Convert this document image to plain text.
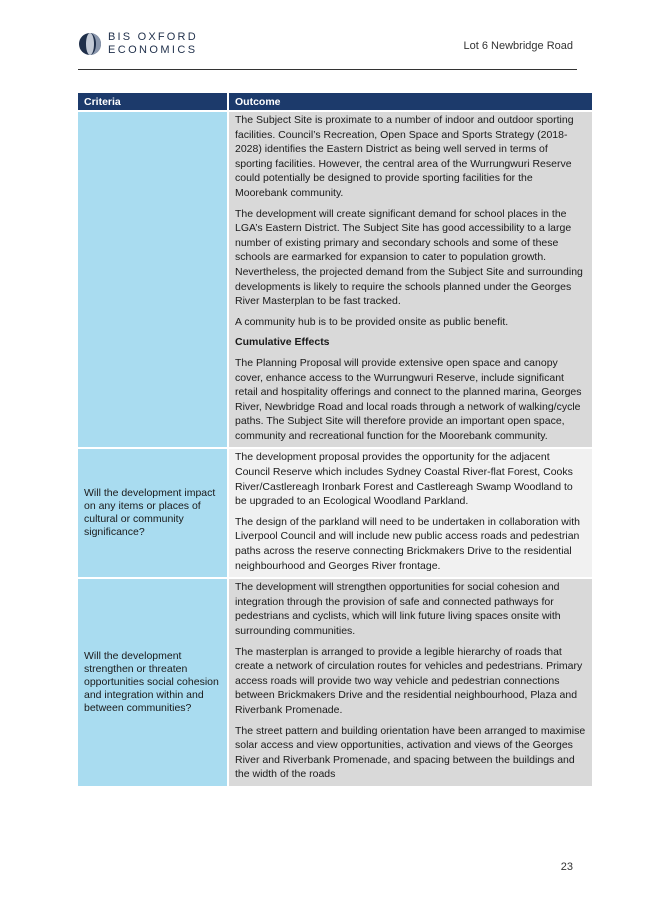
BIS OXFORD
ECONOMICS	Lot 6 Newbridge Road
Criteria	Outcome

The Subject Site is proximate to a number of indoor and outdoor sporting facilities. Council’s Recreation, Open Space and Sports Strategy (2018-2028) identifies the Eastern District as being well served in terms of sporting facilities. However, the central area of the Wurrungwuri Reserve could potentially be designed to provide sporting facilities for the Moorebank community.

The development will create significant demand for school places in the LGA’s Eastern District. The Subject Site has good accessibility to a large number of existing primary and secondary schools and some of these schools are earmarked for expansion to cater to population growth. Nevertheless, the projected demand from the Subject Site and surrounding developments is likely to require the schools planned under the Georges River Masterplan to be fast tracked.

A community hub is to be provided onsite as public benefit.

Cumulative Effects

The Planning Proposal will provide extensive open space and canopy cover, enhance access to the Wurrungwuri Reserve, include significant retail and hospitality offerings and connect to the planned marina, Georges River, Newbridge Road and local roads through a network of walking/cycle paths. The Subject Site will therefore provide an important open space, community and recreational function for the Moorebank community.

Will the development impact on any items or places of cultural or community significance?

The development proposal provides the opportunity for the adjacent Council Reserve which includes Sydney Coastal River-flat Forest, Cooks River/Castlereagh Ironbark Forest and Castlereagh Swamp Woodland to be upgraded to an Ecological Woodland Parkland.

The design of the parkland will need to be undertaken in collaboration with Liverpool Council and will include new public access roads and pedestrian paths across the reserve connecting Brickmakers Drive to the residential neighbourhood and Georges River frontage.

Will the development strengthen or threaten opportunities social cohesion and integration within and between communities?

The development will strengthen opportunities for social cohesion and integration through the provision of safe and connected pathways for pedestrians and cyclists, which will link future living spaces onsite with surrounding communities.

The masterplan is arranged to provide a legible hierarchy of roads that create a network of circulation routes for vehicles and pedestrians. Primary access roads will provide two way vehicle and pedestrian connections between Brickmakers Drive and the residential neighbourhood, Plaza and Riverbank Promenade.

The street pattern and building orientation have been arranged to maximise solar access and view opportunities, activation and views of the Georges River and Riverbank Promenade, and spacing between the buildings and the width of the roads

23
